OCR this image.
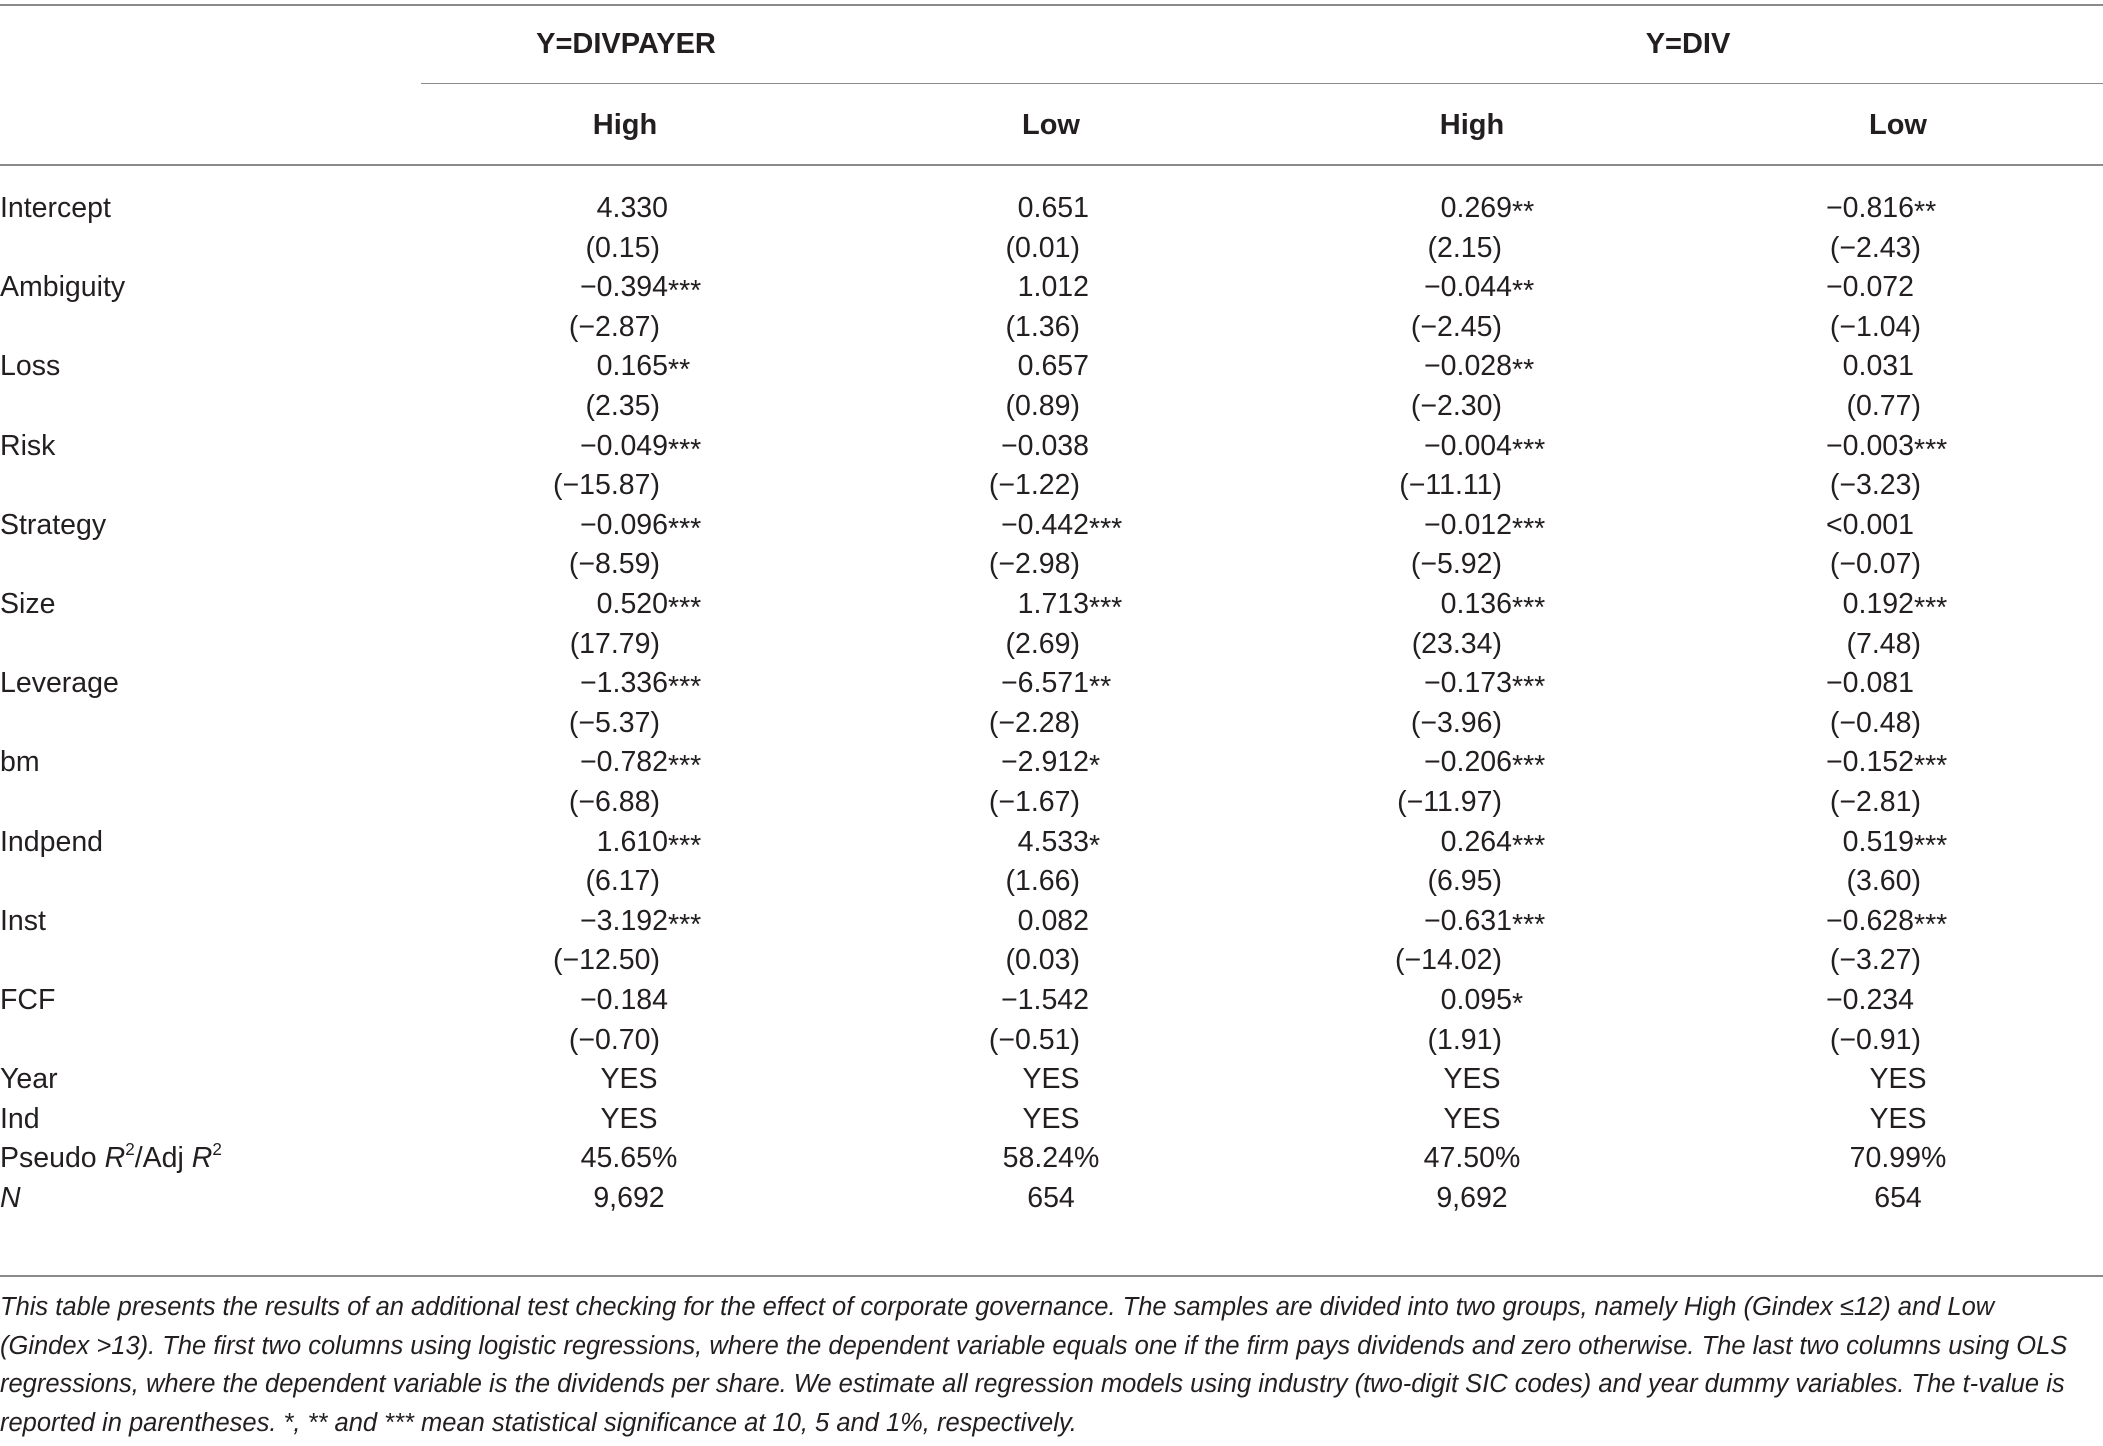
Y=DIVPAYER	Y=DIV
High	Low	High	Low
Intercept	4.330	0.651	0.269 **	−0.816 **
(0.15)	(0.01)	(2.15)	(−2.43)
Ambiguity	−0.394 ***	1.012	−0.044 **	−0.072
(−2.87)	(1.36)	(−2.45)	(−1.04)
Loss	0.165 **	0.657	−0.028 **	0.031
(2.35)	(0.89)	(−2.30)	(0.77)
Risk	−0.049 ***	−0.038	−0.004 ***	−0.003 ***
(−15.87)	(−1.22)	(−11.11)	(−3.23)
Strategy	−0.096 ***	−0.442 ***	−0.012 ***	<0.001
(−8.59)	(−2.98)	(−5.92)	(−0.07)
Size	0.520 ***	1.713 ***	0.136 ***	0.192 ***
(17.79)	(2.69)	(23.34)	(7.48)
Leverage	−1.336 ***	−6.571 **	−0.173 ***	−0.081
(−5.37)	(−2.28)	(−3.96)	(−0.48)
bm	−0.782 ***	−2.912 *	−0.206 ***	−0.152 ***
(−6.88)	(−1.67)	(−11.97)	(−2.81)
Indpend	1.610 ***	4.533 *	0.264 ***	0.519 ***
(6.17)	(1.66)	(6.95)	(3.60)
Inst	−3.192 ***	0.082	−0.631 ***	−0.628 ***
(−12.50)	(0.03)	(−14.02)	(−3.27)
FCF	−0.184	−1.542	0.095 *	−0.234
(−0.70)	(−0.51)	(1.91)	(−0.91)
Year	YES	YES	YES	YES
Ind	YES	YES	YES	YES
Pseudo $R^2$/Adj $R^2$	45.65%	58.24%	47.50%	70.99%
N	9,692	654	9,692	654
This table presents the results of an additional test checking for the effect of corporate governance. The samples are divided into two groups, namely High (Gindex ≤12) and Low (Gindex >13). The first two columns using logistic regressions, where the dependent variable equals one if the firm pays dividends and zero otherwise. The last two columns using OLS regressions, where the dependent variable is the dividends per share. We estimate all regression models using industry (two-digit SIC codes) and year dummy variables. The t-value is reported in parentheses. *, ** and *** mean statistical significance at 10, 5 and 1%, respectively.
